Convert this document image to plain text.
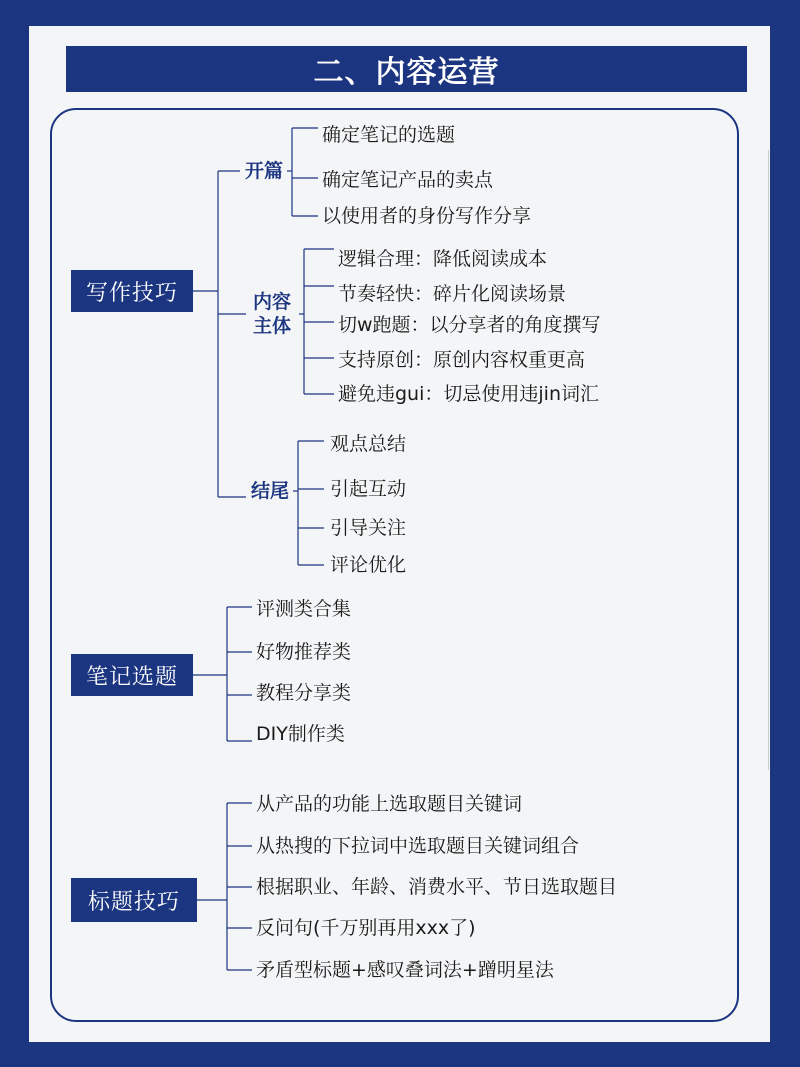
二、内容运营
写作技巧
开篇
确定笔记的选题
确定笔记产品的卖点
以使用者的身份写作分享
内容
主体
逻辑合理：降低阅读成本
节奏轻快：碎片化阅读场景
切w跑题：以分享者的角度撰写
支持原创：原创内容权重更高
避免违gui：切忌使用违jin词汇
结尾
观点总结
引起互动
引导关注
评论优化
笔记选题
评测类合集
好物推荐类
教程分享类
DIY制作类
标题技巧
从产品的功能上选取题目关键词
从热搜的下拉词中选取题目关键词组合
根据职业、年龄、消费水平、节日选取题目
反问句(千万别再用xxx了)
矛盾型标题+感叹叠词法+蹭明星法
